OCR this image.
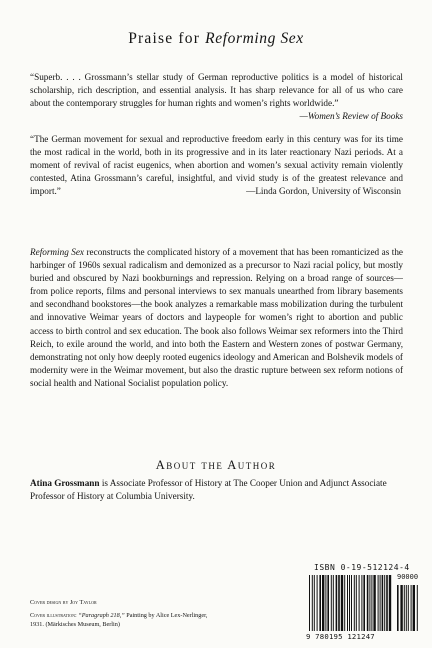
Praise for Reforming Sex
“Superb. . . . Grossmann’s stellar study of German reproductive politics is a model of historical scholarship, rich description, and essential analysis. It has sharp relevance for all of us who care about the contemporary struggles for human rights and women’s rights worldwide.”
—Women’s Review of Books
“The German movement for sexual and reproductive freedom early in this century was for its time the most radical in the world, both in its progressive and in its later reactionary Nazi periods. At a moment of revival of racist eugenics, when abortion and women’s sexual activity remain violently contested, Atina Grossmann’s careful, insightful, and vivid study is of the greatest relevance and import.”	—Linda Gordon, University of Wisconsin

Reforming Sex reconstructs the complicated history of a movement that has been romanticized as the harbinger of 1960s sexual radicalism and demonized as a precursor to Nazi racial policy, but mostly buried and obscured by Nazi bookburnings and repression. Relying on a broad range of sources—from police reports, films and personal interviews to sex manuals unearthed from library basements and secondhand bookstores—the book analyzes a remarkable mass mobilization during the turbulent and innovative Weimar years of doctors and laypeople for women’s right to abortion and public access to birth control and sex education. The book also follows Weimar sex reformers into the Third Reich, to exile around the world, and into both the Eastern and Western zones of postwar Germany, demonstrating not only how deeply rooted eugenics ideology and American and Bolshevik models of modernity were in the Weimar movement, but also the drastic rupture between sex reform notions of social health and National Socialist population policy.

About the Author

Atina Grossmann is Associate Professor of History at The Cooper Union and Adjunct Associate Professor of History at Columbia University.

Cover design by Joy Taylor

Cover illustration: “Paragraph 218,” Painting by Alice Lex-Nerlinger, 1931. (Märkisches Museum, Berlin)

ISBN 0-19-512124-4
90000
9 780195 121247
